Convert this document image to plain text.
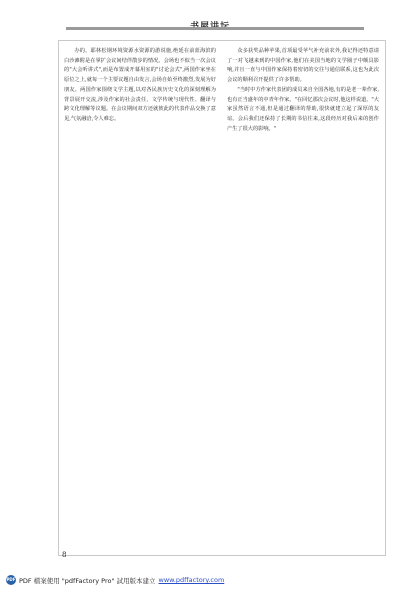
办的。耶林松钢环境资源水资源的游说施,绝延在前蓝海滨的白沙滩附是在掌扩会议间结伴散步的情况。会场也不似当一次会议的"大会听讲式",而是布置成开幕用室的"讨论会式",两国作家坐在原位之上,就每一个主要议题自由发言,会场自始至终激烈,发展为好朋友。两国作家围绕文学主题,以对各民族历史文化的深刻理解为背景展开交流,涉及作家的社会责任、文学传统与现代性、翻译与跨文化理解等议题。在会议期间双方还就彼此的代表作品交换了意见,气氛融洽,令人难忘。

众多获奖品种苹果,首项最受苹气补充前农外,我记得还特意请了一对飞越来到的中国作家,他们在美国当地的文学圈子中颇具影响,并且一直与中国作家保持着密切的交往与通信联系,这也为此次会议的顺利召开提供了许多帮助。

"当时中方作家代表团的成员来自全国各地,有的是老一辈作家,也有正当盛年的中青年作家。"在回忆那次会议时,他这样说道。"大家虽然语言不通,但是通过翻译的帮助,很快就建立起了深厚的友谊。会后我们还保持了长期的书信往来,这段经历对我后来的创作产生了很大的影响。"

8
PDF PDF 檔案使用 "pdfFactory Pro" 試用版本建立 www.pdffactory.com
